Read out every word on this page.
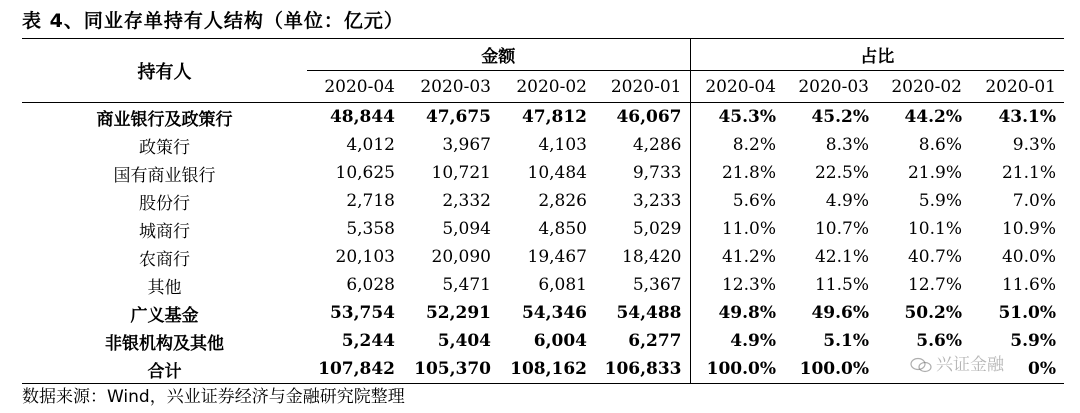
表 4、同业存单持有人结构（单位：亿元）
持有人	金额				占比			
	2020-04	2020-03	2020-02	2020-01	2020-04	2020-03	2020-02	2020-01
商业银行及政策行	48,844	47,675	47,812	46,067	45.3%	45.2%	44.2%	43.1%
政策行	4,012	3,967	4,103	4,286	8.2%	8.3%	8.6%	9.3%
国有商业银行	10,625	10,721	10,484	9,733	21.8%	22.5%	21.9%	21.1%
股份行	2,718	2,332	2,826	3,233	5.6%	4.9%	5.9%	7.0%
城商行	5,358	5,094	4,850	5,029	11.0%	10.7%	10.1%	10.9%
农商行	20,103	20,090	19,467	18,420	41.2%	42.1%	40.7%	40.0%
其他	6,028	5,471	6,081	5,367	12.3%	11.5%	12.7%	11.6%
广义基金	53,754	52,291	54,346	54,488	49.8%	49.6%	50.2%	51.0%
非银机构及其他	5,244	5,404	6,004	6,277	4.9%	5.1%	5.6%	5.9%
合计	107,842	105,370	108,162	106,833	100.0%	100.0%		0%
兴证金融
数据来源：Wind，兴业证券经济与金融研究院整理
